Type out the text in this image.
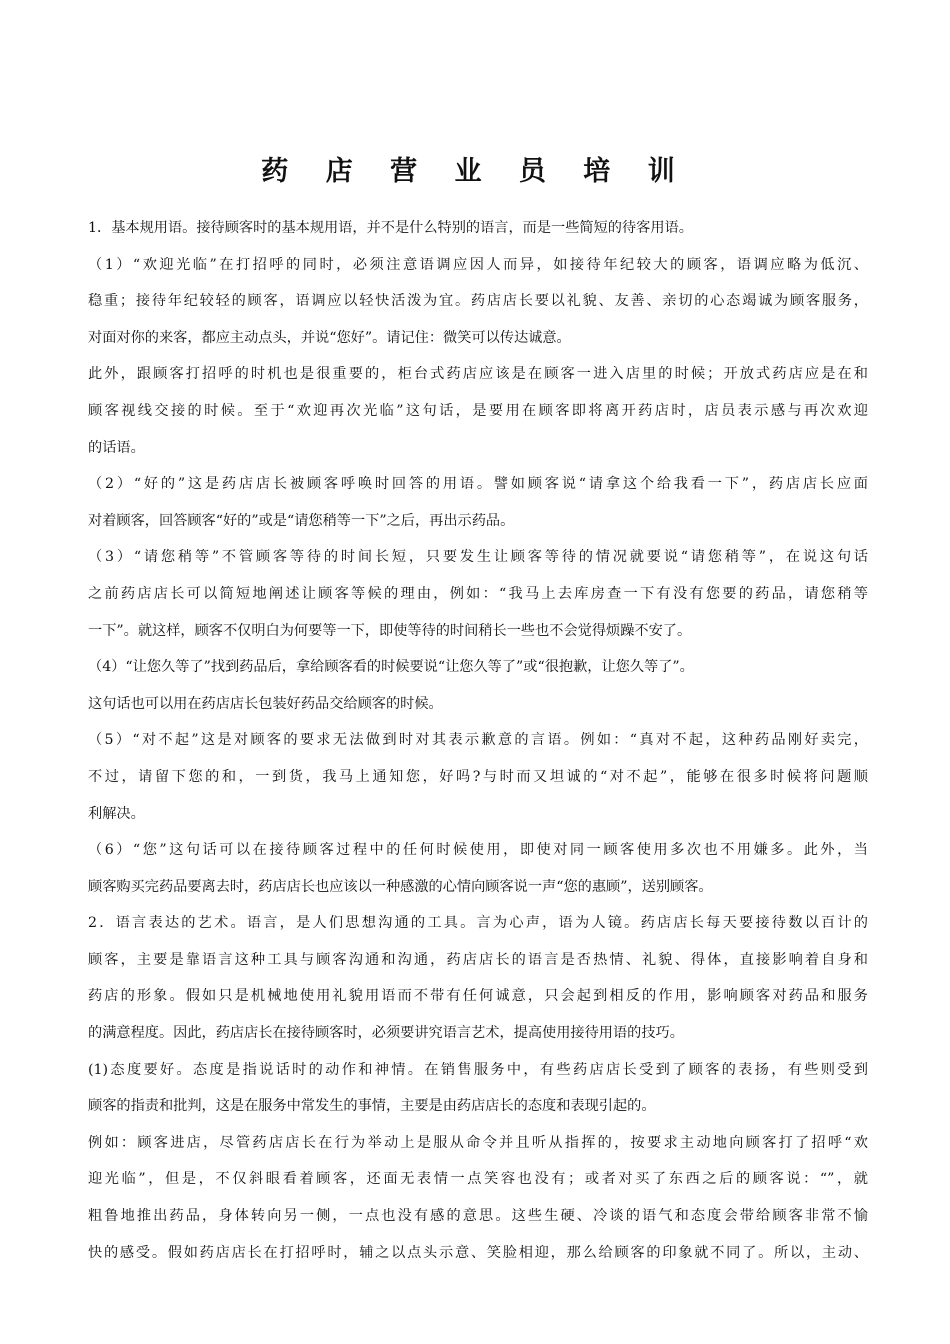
药 店 营 业 员 培 训
1．基本规用语。接待顾客时的基本规用语，并不是什么特别的语言，而是一些简短的待客用语。
（1）“欢迎光临”在打招呼的同时，必须注意语调应因人而异，如接待年纪较大的顾客，语调应略为低沉、
稳重；接待年纪较轻的顾客，语调应以轻快活泼为宜。药店店长要以礼貌、友善、亲切的心态竭诚为顾客服务，
对面对你的来客，都应主动点头，并说“您好”。请记住：微笑可以传达诚意。
此外，跟顾客打招呼的时机也是很重要的，柜台式药店应该是在顾客一进入店里的时候；开放式药店应是在和
顾客视线交接的时候。至于“欢迎再次光临”这句话，是要用在顾客即将离开药店时，店员表示感与再次欢迎
的话语。
（2）“好的”这是药店店长被顾客呼唤时回答的用语。譬如顾客说“请拿这个给我看一下”，药店店长应面
对着顾客，回答顾客“好的”或是“请您稍等一下”之后，再出示药品。
（3）“请您稍等”不管顾客等待的时间长短，只要发生让顾客等待的情况就要说“请您稍等”，在说这句话
之前药店店长可以简短地阐述让顾客等候的理由，例如：“我马上去库房查一下有没有您要的药品，请您稍等
一下”。就这样，顾客不仅明白为何要等一下，即使等待的时间稍长一些也不会觉得烦躁不安了。
（4）“让您久等了”找到药品后，拿给顾客看的时候要说“让您久等了”或“很抱歉，让您久等了”。
这句话也可以用在药店店长包装好药品交给顾客的时候。
（5）“对不起”这是对顾客的要求无法做到时对其表示歉意的言语。例如：“真对不起，这种药品刚好卖完，
不过，请留下您的和，一到货，我马上通知您，好吗?与时而又坦诚的“对不起”，能够在很多时候将问题顺
利解决。
（6）“您”这句话可以在接待顾客过程中的任何时候使用，即使对同一顾客使用多次也不用嫌多。此外，当
顾客购买完药品要离去时，药店店长也应该以一种感激的心情向顾客说一声“您的惠顾”，送别顾客。
2．语言表达的艺术。语言，是人们思想沟通的工具。言为心声，语为人镜。药店店长每天要接待数以百计的
顾客，主要是靠语言这种工具与顾客沟通和沟通，药店店长的语言是否热情、礼貌、得体，直接影响着自身和
药店的形象。假如只是机械地使用礼貌用语而不带有任何诚意，只会起到相反的作用，影响顾客对药品和服务
的满意程度。因此，药店店长在接待顾客时，必须要讲究语言艺术，提高使用接待用语的技巧。
(1)态度要好。态度是指说话时的动作和神情。在销售服务中，有些药店店长受到了顾客的表扬，有些则受到
顾客的指责和批判，这是在服务中常发生的事情，主要是由药店店长的态度和表现引起的。
例如：顾客进店，尽管药店店长在行为举动上是服从命令并且听从指挥的，按要求主动地向顾客打了招呼“欢
迎光临”，但是，不仅斜眼看着顾客，还面无表情一点笑容也没有；或者对买了东西之后的顾客说：“”，就
粗鲁地推出药品，身体转向另一侧，一点也没有感的意思。这些生硬、冷谈的语气和态度会带给顾客非常不愉
快的感受。假如药店店长在打招呼时，辅之以点头示意、笑脸相迎，那么给顾客的印象就不同了。所以，主动、
